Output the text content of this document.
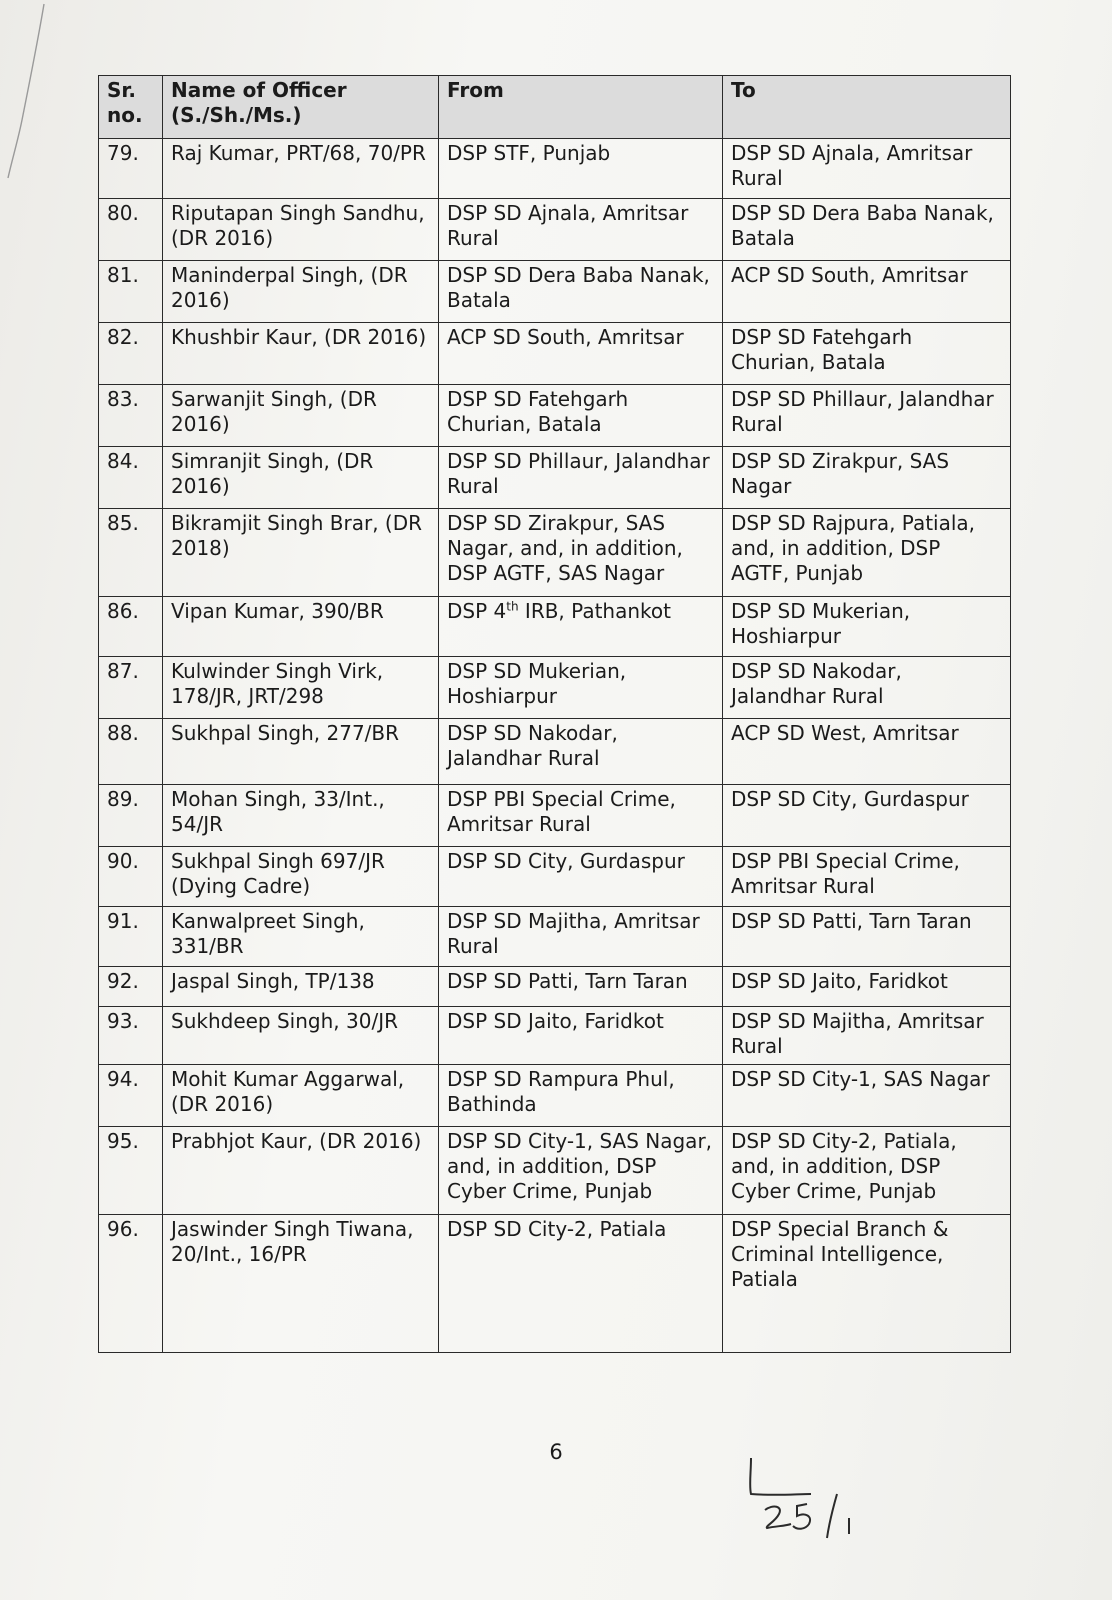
Sr. no.	Name of Officer (S./Sh./Ms.)	From	To
79.	Raj Kumar, PRT/68, 70/PR	DSP STF, Punjab	DSP SD Ajnala, Amritsar Rural
80.	Riputapan Singh Sandhu, (DR 2016)	DSP SD Ajnala, Amritsar Rural	DSP SD Dera Baba Nanak, Batala
81.	Maninderpal Singh, (DR 2016)	DSP SD Dera Baba Nanak, Batala	ACP SD South, Amritsar
82.	Khushbir Kaur, (DR 2016)	ACP SD South, Amritsar	DSP SD Fatehgarh Churian, Batala
83.	Sarwanjit Singh, (DR 2016)	DSP SD Fatehgarh Churian, Batala	DSP SD Phillaur, Jalandhar Rural
84.	Simranjit Singh, (DR 2016)	DSP SD Phillaur, Jalandhar Rural	DSP SD Zirakpur, SAS Nagar
85.	Bikramjit Singh Brar, (DR 2018)	DSP SD Zirakpur, SAS Nagar, and, in addition, DSP AGTF, SAS Nagar	DSP SD Rajpura, Patiala, and, in addition, DSP AGTF, Punjab
86.	Vipan Kumar, 390/BR	DSP 4th IRB, Pathankot	DSP SD Mukerian, Hoshiarpur
87.	Kulwinder Singh Virk, 178/JR, JRT/298	DSP SD Mukerian, Hoshiarpur	DSP SD Nakodar, Jalandhar Rural
88.	Sukhpal Singh, 277/BR	DSP SD Nakodar, Jalandhar Rural	ACP SD West, Amritsar
89.	Mohan Singh, 33/Int., 54/JR	DSP PBI Special Crime, Amritsar Rural	DSP SD City, Gurdaspur
90.	Sukhpal Singh 697/JR (Dying Cadre)	DSP SD City, Gurdaspur	DSP PBI Special Crime, Amritsar Rural
91.	Kanwalpreet Singh, 331/BR	DSP SD Majitha, Amritsar Rural	DSP SD Patti, Tarn Taran
92.	Jaspal Singh, TP/138	DSP SD Patti, Tarn Taran	DSP SD Jaito, Faridkot
93.	Sukhdeep Singh, 30/JR	DSP SD Jaito, Faridkot	DSP SD Majitha, Amritsar Rural
94.	Mohit Kumar Aggarwal, (DR 2016)	DSP SD Rampura Phul, Bathinda	DSP SD City-1, SAS Nagar
95.	Prabhjot Kaur, (DR 2016)	DSP SD City-1, SAS Nagar, and, in addition, DSP Cyber Crime, Punjab	DSP SD City-2, Patiala, and, in addition, DSP Cyber Crime, Punjab
96.	Jaswinder Singh Tiwana, 20/Int., 16/PR	DSP SD City-2, Patiala	DSP Special Branch & Criminal Intelligence, Patiala
6
